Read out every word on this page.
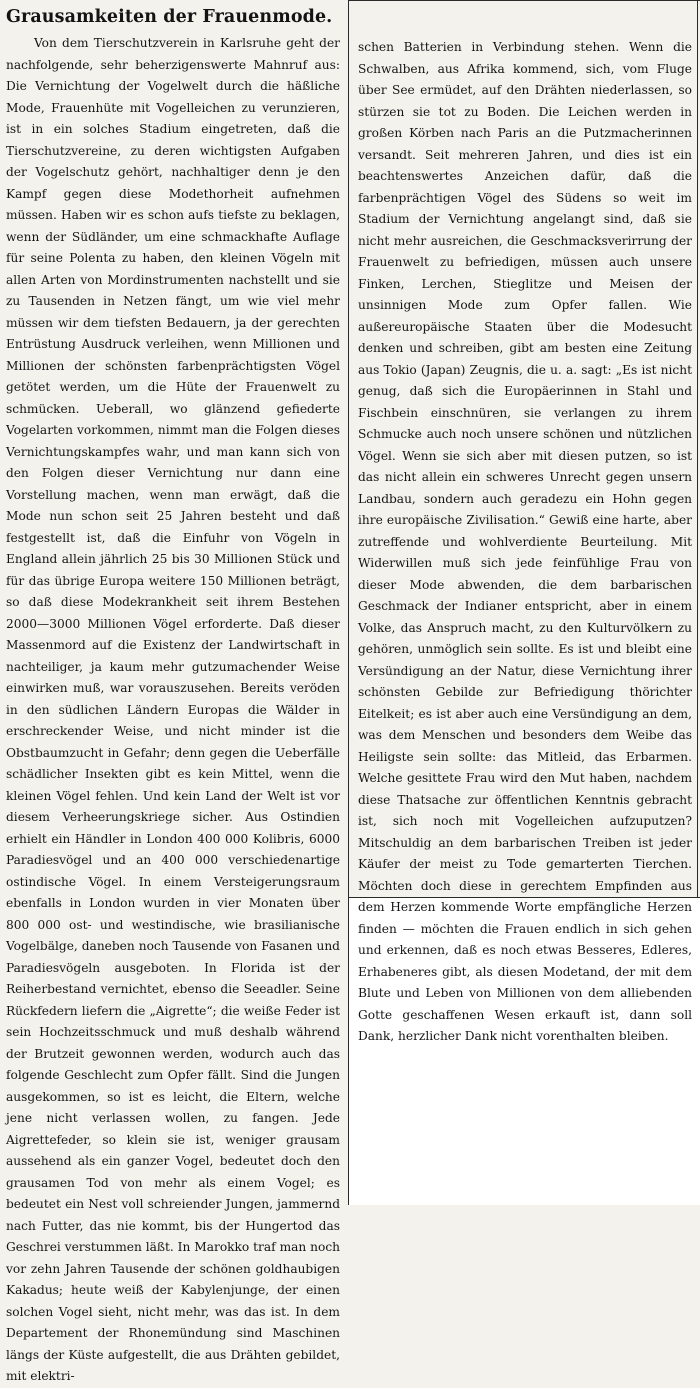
Grausamkeiten der Frauenmode.

Von dem Tierschutzverein in Karlsruhe geht der nachfolgende, sehr beherzigenswerte Mahnruf aus: Die Vernichtung der Vogelwelt durch die häßliche Mode, Frauenhüte mit Vogelleichen zu verunzieren, ist in ein solches Stadium eingetreten, daß die Tierschutzvereine, zu deren wichtigsten Aufgaben der Vogelschutz gehört, nachhaltiger denn je den Kampf gegen diese Modethorheit aufnehmen müssen. Haben wir es schon aufs tiefste zu beklagen, wenn der Südländer, um eine schmackhafte Auflage für seine Polenta zu haben, den kleinen Vögeln mit allen Arten von Mordinstrumenten nachstellt und sie zu Tausenden in Netzen fängt, um wie viel mehr müssen wir dem tiefsten Bedauern, ja der gerechten Entrüstung Ausdruck verleihen, wenn Millionen und Millionen der schönsten farbenprächtigsten Vögel getötet werden, um die Hüte der Frauenwelt zu schmücken. Ueberall, wo glänzend gefiederte Vogelarten vorkommen, nimmt man die Folgen dieses Vernichtungskampfes wahr, und man kann sich von den Folgen dieser Vernichtung nur dann eine Vorstellung machen, wenn man erwägt, daß die Mode nun schon seit 25 Jahren besteht und daß festgestellt ist, daß die Einfuhr von Vögeln in England allein jährlich 25 bis 30 Millionen Stück und für das übrige Europa weitere 150 Millionen beträgt, so daß diese Modekrankheit seit ihrem Bestehen 2000—3000 Millionen Vögel erforderte. Daß dieser Massenmord auf die Existenz der Landwirtschaft in nachteiliger, ja kaum mehr gutzumachender Weise einwirken muß, war vorauszusehen. Bereits veröden in den südlichen Ländern Europas die Wälder in erschreckender Weise, und nicht minder ist die Obstbaumzucht in Gefahr; denn gegen die Ueberfälle schädlicher Insekten gibt es kein Mittel, wenn die kleinen Vögel fehlen. Und kein Land der Welt ist vor diesem Verheerungskriege sicher. Aus Ostindien erhielt ein Händler in London 400 000 Kolibris, 6000 Paradiesvögel und an 400 000 verschiedenartige ostindische Vögel. In einem Versteigerungsraum ebenfalls in London wurden in vier Monaten über 800 000 ost- und westindische, wie brasilianische Vogelbälge, daneben noch Tausende von Fasanen und Paradiesvögeln ausgeboten. In Florida ist der Reiherbestand vernichtet, ebenso die Seeadler. Seine Rückfedern liefern die „Aigrette“; die weiße Feder ist sein Hochzeitsschmuck und muß deshalb während der Brutzeit gewonnen werden, wodurch auch das folgende Geschlecht zum Opfer fällt. Sind die Jungen ausgekommen, so ist es leicht, die Eltern, welche jene nicht verlassen wollen, zu fangen. Jede Aigrettefeder, so klein sie ist, weniger grausam aussehend als ein ganzer Vogel, bedeutet doch den grausamen Tod von mehr als einem Vogel; es bedeutet ein Nest voll schreiender Jungen, jammernd nach Futter, das nie kommt, bis der Hungertod das Geschrei verstummen läßt. In Marokko traf man noch vor zehn Jahren Tausende der schönen goldhaubigen Kakadus; heute weiß der Kabylenjunge, der einen solchen Vogel sieht, nicht mehr, was das ist. In dem Departement der Rhonemündung sind Maschinen längs der Küste aufgestellt, die aus Drähten gebildet, mit elektri-

schen Batterien in Verbindung stehen. Wenn die Schwalben, aus Afrika kommend, sich, vom Fluge über See ermüdet, auf den Drähten niederlassen, so stürzen sie tot zu Boden. Die Leichen werden in großen Körben nach Paris an die Putzmacherinnen versandt. Seit mehreren Jahren, und dies ist ein beachtenswertes Anzeichen dafür, daß die farbenprächtigen Vögel des Südens so weit im Stadium der Vernichtung angelangt sind, daß sie nicht mehr ausreichen, die Geschmacksverirrung der Frauenwelt zu befriedigen, müssen auch unsere Finken, Lerchen, Stieglitze und Meisen der unsinnigen Mode zum Opfer fallen. Wie außereuropäische Staaten über die Modesucht denken und schreiben, gibt am besten eine Zeitung aus Tokio (Japan) Zeugnis, die u. a. sagt: „Es ist nicht genug, daß sich die Europäerinnen in Stahl und Fischbein einschnüren, sie verlangen zu ihrem Schmucke auch noch unsere schönen und nützlichen Vögel. Wenn sie sich aber mit diesen putzen, so ist das nicht allein ein schweres Unrecht gegen unsern Landbau, sondern auch geradezu ein Hohn gegen ihre europäische Zivilisation.“ Gewiß eine harte, aber zutreffende und wohlverdiente Beurteilung. Mit Widerwillen muß sich jede feinfühlige Frau von dieser Mode abwenden, die dem barbarischen Geschmack der Indianer entspricht, aber in einem Volke, das Anspruch macht, zu den Kulturvölkern zu gehören, unmöglich sein sollte. Es ist und bleibt eine Versündigung an der Natur, diese Vernichtung ihrer schönsten Gebilde zur Befriedigung thörichter Eitelkeit; es ist aber auch eine Versündigung an dem, was dem Menschen und besonders dem Weibe das Heiligste sein sollte: das Mitleid, das Erbarmen. Welche gesittete Frau wird den Mut haben, nachdem diese Thatsache zur öffentlichen Kenntnis gebracht ist, sich noch mit Vogelleichen aufzuputzen? Mitschuldig an dem barbarischen Treiben ist jeder Käufer der meist zu Tode gemarterten Tierchen. Möchten doch diese in gerechtem Empfinden aus dem Herzen kommende Worte empfängliche Herzen finden — möchten die Frauen endlich in sich gehen und erkennen, daß es noch etwas Besseres, Edleres, Erhabeneres gibt, als diesen Modetand, der mit dem Blute und Leben von Millionen von dem alliebenden Gotte geschaffenen Wesen erkauft ist, dann soll Dank, herzlicher Dank nicht vorenthalten bleiben.
